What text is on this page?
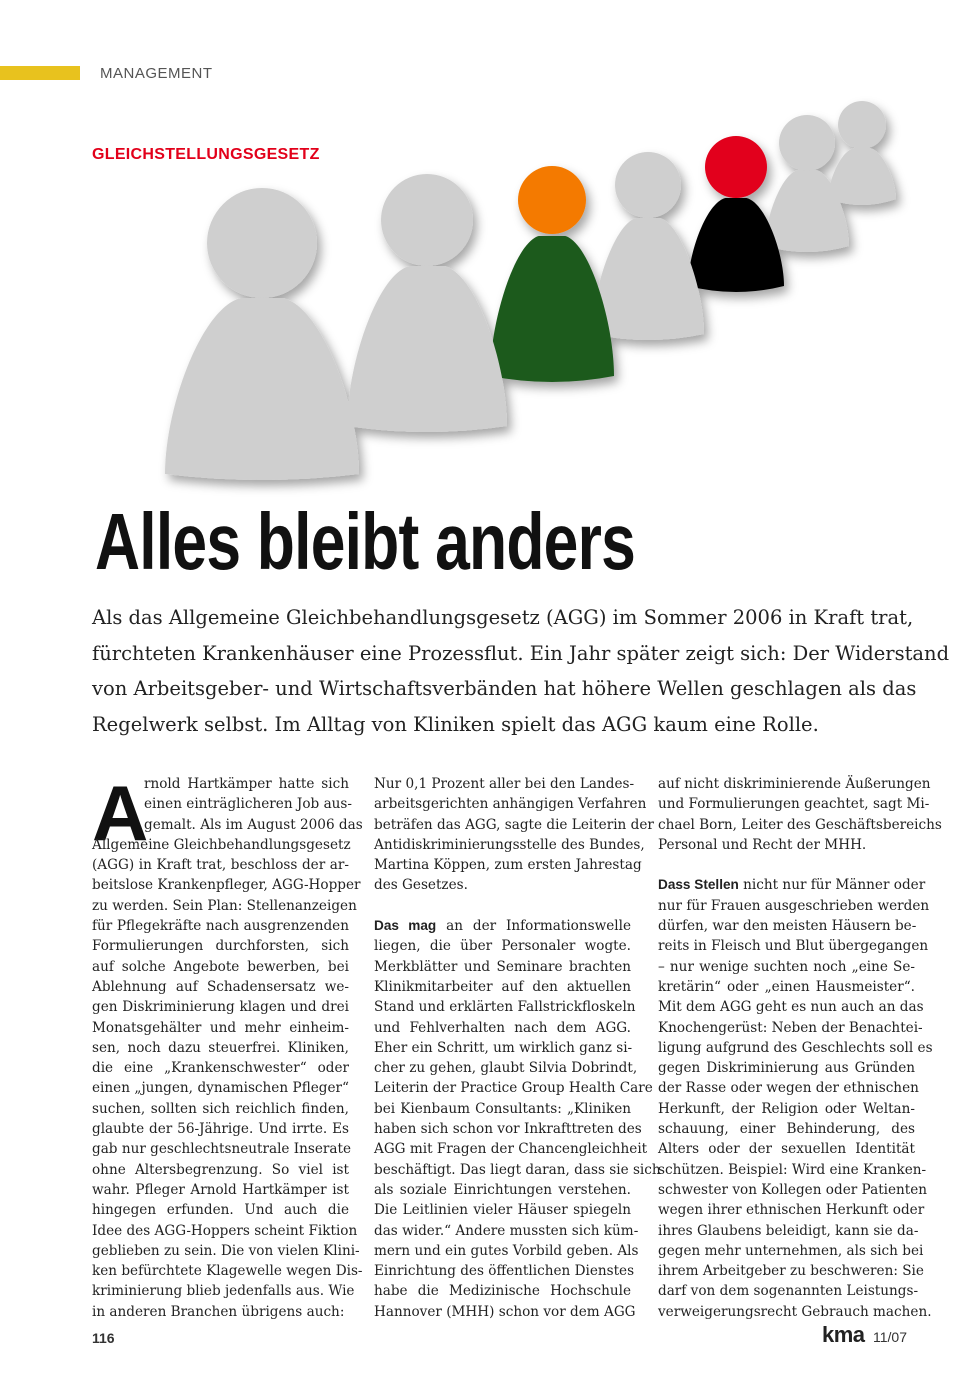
MANAGEMENT
GLEICHSTELLUNGSGESETZ
Alles bleibt anders
Als das Allgemeine Gleichbehandlungsgesetz (AGG) im Sommer 2006 in Kraft trat,
fürchteten Krankenhäuser eine Prozessflut. Ein Jahr später zeigt sich: Der Widerstand
von Arbeitsgeber- und Wirtschaftsverbänden hat höhere Wellen geschlagen als das
Regelwerk selbst. Im Alltag von Kliniken spielt das AGG kaum eine Rolle.
A
rnold Hartkämper hatte sich
einen einträglicheren Job aus-
gemalt. Als im August 2006 das
Allgemeine Gleichbehandlungsgesetz
(AGG) in Kraft trat, beschloss der ar-
beitslose Krankenpfleger, AGG-Hopper
zu werden. Sein Plan: Stellenanzeigen
für Pflegekräfte nach ausgrenzenden
Formulierungen durchforsten, sich
auf solche Angebote bewerben, bei
Ablehnung auf Schadensersatz we-
gen Diskriminierung klagen und drei
Monatsgehälter und mehr einheim-
sen, noch dazu steuerfrei. Kliniken,
die eine „Krankenschwester“ oder
einen „jungen, dynamischen Pfleger“
suchen, sollten sich reichlich finden,
glaubte der 56-Jährige. Und irrte. Es
gab nur geschlechtsneutrale Inserate
ohne Altersbegrenzung. So viel ist
wahr. Pfleger Arnold Hartkämper ist
hingegen erfunden. Und auch die
Idee des AGG-Hoppers scheint Fiktion
geblieben zu sein. Die von vielen Klini-
ken befürchtete Klagewelle wegen Dis-
kriminierung blieb jedenfalls aus. Wie
in anderen Branchen übrigens auch:
Nur 0,1 Prozent aller bei den Landes-
arbeitsgerichten anhängigen Verfahren
beträfen das AGG, sagte die Leiterin der
Antidiskriminierungsstelle des Bundes,
Martina Köppen, zum ersten Jahrestag
des Gesetzes.
Das mag an der Informationswelle
liegen, die über Personaler wogte.
Merkblätter und Seminare brachten
Klinikmitarbeiter auf den aktuellen
Stand und erklärten Fallstrickfloskeln
und Fehlverhalten nach dem AGG.
Eher ein Schritt, um wirklich ganz si-
cher zu gehen, glaubt Silvia Dobrindt,
Leiterin der Practice Group Health Care
bei Kienbaum Consultants: „Kliniken
haben sich schon vor Inkrafttreten des
AGG mit Fragen der Chancengleichheit
beschäftigt. Das liegt daran, dass sie sich
als soziale Einrichtungen verstehen.
Die Leitlinien vieler Häuser spiegeln
das wider.“ Andere mussten sich küm-
mern und ein gutes Vorbild geben. Als
Einrichtung des öffentlichen Dienstes
habe die Medizinische Hochschule
Hannover (MHH) schon vor dem AGG
auf nicht diskriminierende Äußerungen
und Formulierungen geachtet, sagt Mi-
chael Born, Leiter des Geschäftsbereichs
Personal und Recht der MHH.
Dass Stellen nicht nur für Männer oder
nur für Frauen ausgeschrieben werden
dürfen, war den meisten Häusern be-
reits in Fleisch und Blut übergegangen
– nur wenige suchten noch „eine Se-
kretärin“ oder „einen Hausmeister“.
Mit dem AGG geht es nun auch an das
Knochengerüst: Neben der Benachtei-
ligung aufgrund des Geschlechts soll es
gegen Diskriminierung aus Gründen
der Rasse oder wegen der ethnischen
Herkunft, der Religion oder Weltan-
schauung, einer Behinderung, des
Alters oder der sexuellen Identität
schützen. Beispiel: Wird eine Kranken-
schwester von Kollegen oder Patienten
wegen ihrer ethnischen Herkunft oder
ihres Glaubens beleidigt, kann sie da-
gegen mehr unternehmen, als sich bei
ihrem Arbeitgeber zu beschweren: Sie
darf von dem sogenannten Leistungs-
verweigerungsrecht Gebrauch machen.
116	kma 11/07
